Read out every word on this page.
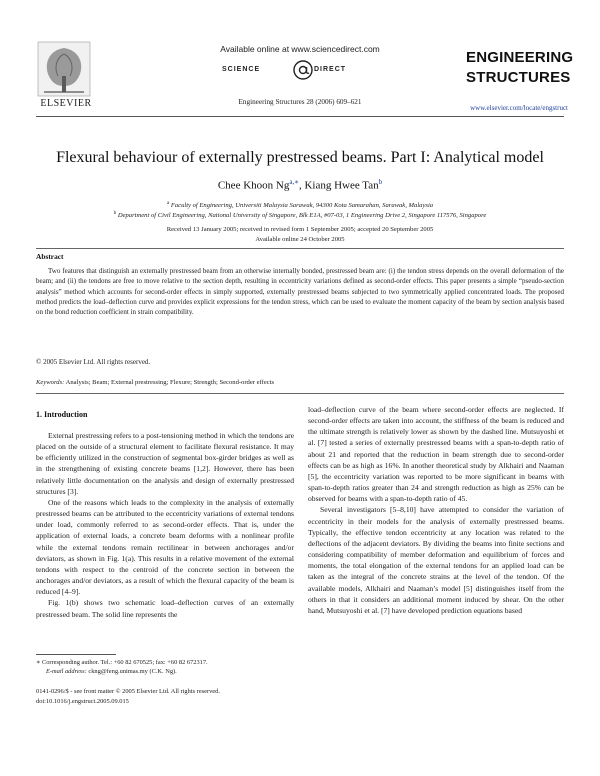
Available online at www.sciencedirect.com
SCIENCE	DIRECT
Engineering Structures 28 (2006) 609–621
ELSEVIER
ENGINEERING
STRUCTURES
www.elsevier.com/locate/engstruct
Flexural behaviour of externally prestressed beams. Part I: Analytical model
Chee Khoon $Ng^{a,∗}$, Kiang Hwee Tan$^b$
$^a$ Faculty of Engineering, Universiti Malaysia Sarawak, 94300 Kota Samarahan, Sarawak, Malaysia
$^b$ Department of Civil Engineering, National University of Singapore, Blk E1A, #07-03, 1 Engineering Drive 2, Singapore 117576, Singapore
Received 13 January 2005; received in revised form 1 September 2005; accepted 20 September 2005
Available online 24 October 2005
Abstract
Two features that distinguish an externally prestressed beam from an otherwise internally bonded, prestressed beam are: (i) the tendon stress depends on the overall deformation of the beam; and (ii) the tendons are free to move relative to the section depth, resulting in eccentricity variations defined as second-order effects. This paper presents a simple “pseudo-section analysis” method which accounts for second-order effects in simply supported, externally prestressed beams subjected to two symmetrically applied concentrated loads. The proposed method predicts the load–deflection curve and provides explicit expressions for the tendon stress, which can be used to evaluate the moment capacity of the beam by section analysis based on the bond reduction coefficient in strain compatibility.
© 2005 Elsevier Ltd. All rights reserved.
Keywords: Analysis; Beam; External prestressing; Flexure; Strength; Second-order effects
1. Introduction

External prestressing refers to a post-tensioning method in which the tendons are placed on the outside of a structural element to facilitate flexural resistance. It may be efficiently utilized in the construction of segmental box-girder bridges as well as in the strengthening of existing concrete beams [1,2]. However, there has been relatively little documentation on the analysis and design of externally prestressed structures [3].

One of the reasons which leads to the complexity in the analysis of externally prestressed beams can be attributed to the eccentricity variations of external tendons under load, commonly referred to as second-order effects. That is, under the application of external loads, a concrete beam deforms with a nonlinear profile while the external tendons remain rectilinear in between anchorages and/or deviators, as shown in Fig. 1(a). This results in a relative movement of the external tendons with respect to the centroid of the concrete section in between the anchorages and/or deviators, as a result of which the flexural capacity of the beam is reduced [4–9].

Fig. 1(b) shows two schematic load–deflection curves of an externally prestressed beam. The solid line represents the

load–deflection curve of the beam where second-order effects are neglected. If second-order effects are taken into account, the stiffness of the beam is reduced and the ultimate strength is relatively lower as shown by the dashed line. Mutsuyoshi et al. [7] tested a series of externally prestressed beams with a span-to-depth ratio of about 21 and reported that the reduction in beam strength due to second-order effects can be as high as 16%. In another theoretical study by Alkhairi and Naaman [5], the eccentricity variation was reported to be more significant in beams with span-to-depth ratios greater than 24 and strength reduction as high as 25% can be observed for beams with a span-to-depth ratio of 45.

Several investigators [5–8,10] have attempted to consider the variation of eccentricity in their models for the analysis of externally prestressed beams. Typically, the effective tendon eccentricity at any location was related to the deflections of the adjacent deviators. By dividing the beams into finite sections and considering compatibility of member deformation and equilibrium of forces and moments, the total elongation of the external tendons for an applied load can be taken as the integral of the concrete strains at the level of the tendon. Of the available models, Alkhairi and Naaman’s model [5] distinguishes itself from the others in that it considers an additional moment induced by shear. On the other hand, Mutsuyoshi et al. [7] have developed prediction equations based

∗ Corresponding author. Tel.: +60 82 670525; fax: +60 82 672317.
E-mail address: ckng@feng.unimas.my (C.K. Ng).
0141-0296/$ - see front matter © 2005 Elsevier Ltd. All rights reserved.
doi:10.1016/j.engstruct.2005.09.015
